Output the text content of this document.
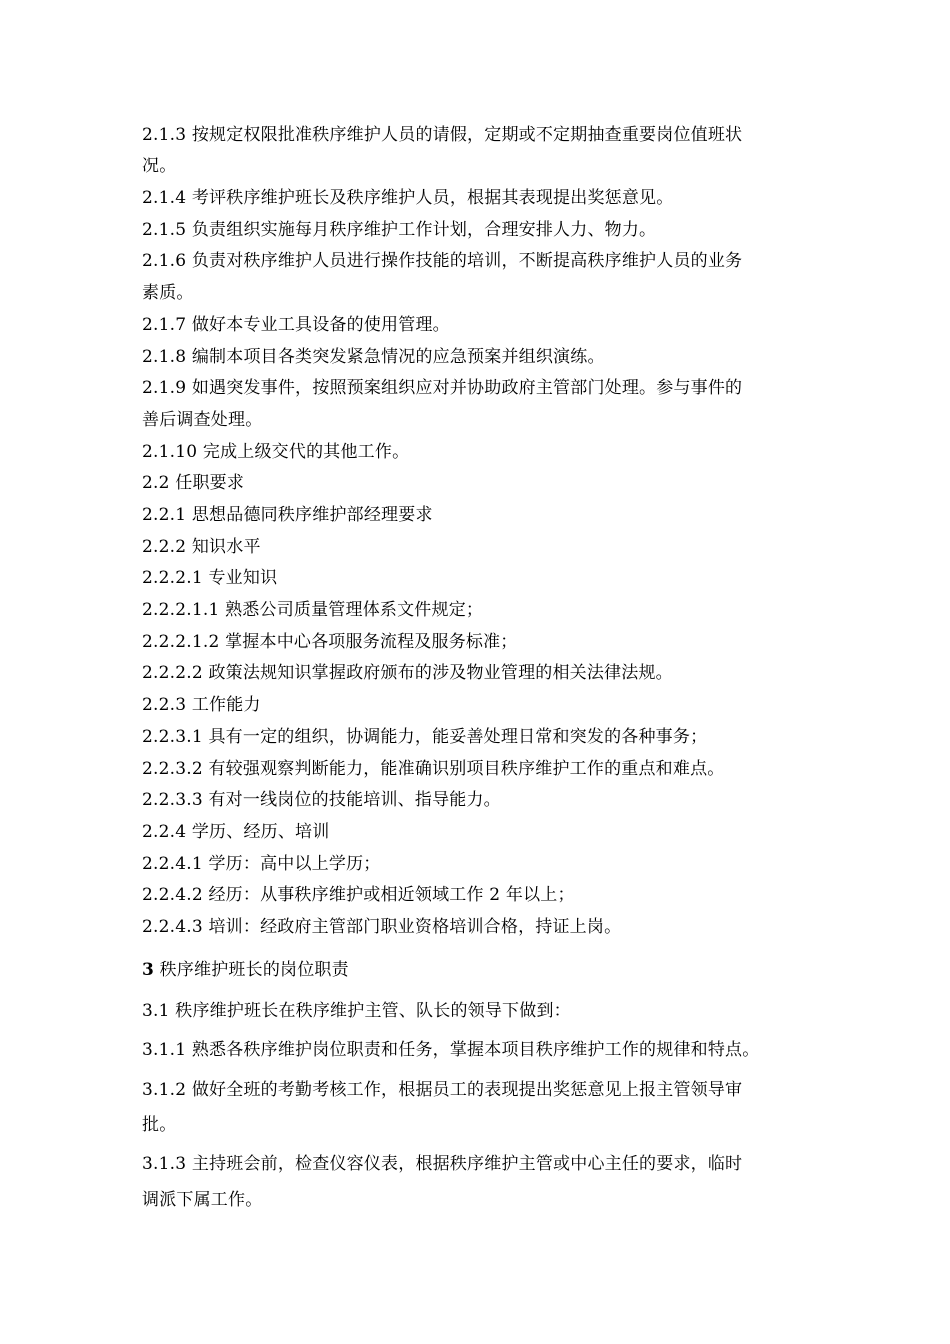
2.1.3 按规定权限批准秩序维护人员的请假，定期或不定期抽查重要岗位值班状
况。
2.1.4 考评秩序维护班长及秩序维护人员，根据其表现提出奖惩意见。
2.1.5 负责组织实施每月秩序维护工作计划，合理安排人力、物力。
2.1.6 负责对秩序维护人员进行操作技能的培训，不断提高秩序维护人员的业务
素质。
2.1.7 做好本专业工具设备的使用管理。
2.1.8 编制本项目各类突发紧急情况的应急预案并组织演练。
2.1.9 如遇突发事件，按照预案组织应对并协助政府主管部门处理。参与事件的
善后调查处理。
2.1.10 完成上级交代的其他工作。
2.2 任职要求
2.2.1 思想品德同秩序维护部经理要求
2.2.2 知识水平
2.2.2.1 专业知识
2.2.2.1.1 熟悉公司质量管理体系文件规定；
2.2.2.1.2 掌握本中心各项服务流程及服务标准；
2.2.2.2 政策法规知识掌握政府颁布的涉及物业管理的相关法律法规。
2.2.3 工作能力
2.2.3.1 具有一定的组织，协调能力，能妥善处理日常和突发的各种事务；
2.2.3.2 有较强观察判断能力，能准确识别项目秩序维护工作的重点和难点。
2.2.3.3 有对一线岗位的技能培训、指导能力。
2.2.4 学历、经历、培训
2.2.4.1 学历：高中以上学历；
2.2.4.2 经历：从事秩序维护或相近领域工作 2 年以上；
2.2.4.3 培训：经政府主管部门职业资格培训合格，持证上岗。
3 秩序维护班长的岗位职责
3.1 秩序维护班长在秩序维护主管、队长的领导下做到：
3.1.1 熟悉各秩序维护岗位职责和任务，掌握本项目秩序维护工作的规律和特点。
3.1.2 做好全班的考勤考核工作，根据员工的表现提出奖惩意见上报主管领导审
批。
3.1.3 主持班会前，检查仪容仪表，根据秩序维护主管或中心主任的要求，临时
调派下属工作。
